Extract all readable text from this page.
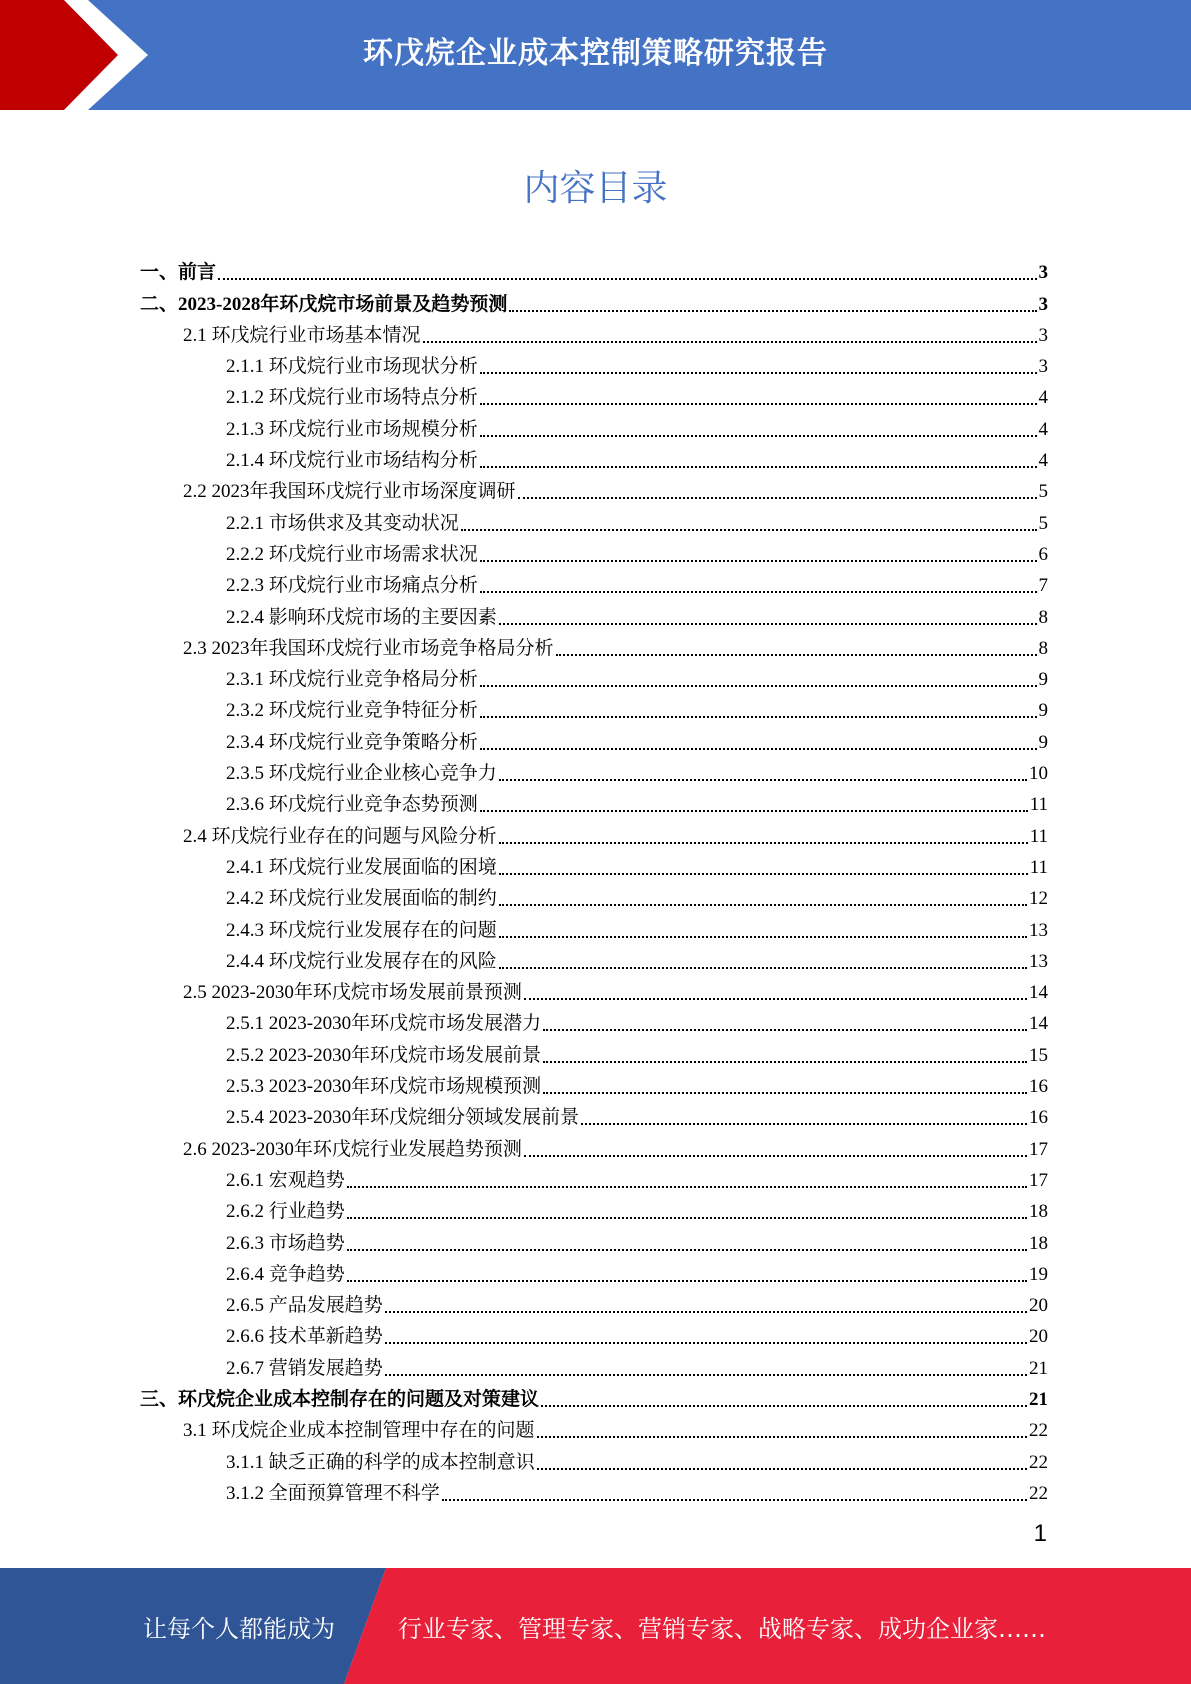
环戊烷企业成本控制策略研究报告
内容目录
一、前言	3
二、2023-2028年环戊烷市场前景及趋势预测	3
2.1 环戊烷行业市场基本情况	3
2.1.1 环戊烷行业市场现状分析	3
2.1.2 环戊烷行业市场特点分析	4
2.1.3 环戊烷行业市场规模分析	4
2.1.4 环戊烷行业市场结构分析	4
2.2 2023年我国环戊烷行业市场深度调研	5
2.2.1 市场供求及其变动状况	5
2.2.2 环戊烷行业市场需求状况	6
2.2.3 环戊烷行业市场痛点分析	7
2.2.4 影响环戊烷市场的主要因素	8
2.3 2023年我国环戊烷行业市场竞争格局分析	8
2.3.1 环戊烷行业竞争格局分析	9
2.3.2 环戊烷行业竞争特征分析	9
2.3.4 环戊烷行业竞争策略分析	9
2.3.5 环戊烷行业企业核心竞争力	10
2.3.6 环戊烷行业竞争态势预测	11
2.4 环戊烷行业存在的问题与风险分析	11
2.4.1 环戊烷行业发展面临的困境	11
2.4.2 环戊烷行业发展面临的制约	12
2.4.3 环戊烷行业发展存在的问题	13
2.4.4 环戊烷行业发展存在的风险	13
2.5 2023-2030年环戊烷市场发展前景预测	14
2.5.1 2023-2030年环戊烷市场发展潜力	14
2.5.2 2023-2030年环戊烷市场发展前景	15
2.5.3 2023-2030年环戊烷市场规模预测	16
2.5.4 2023-2030年环戊烷细分领域发展前景	16
2.6 2023-2030年环戊烷行业发展趋势预测	17
2.6.1 宏观趋势	17
2.6.2 行业趋势	18
2.6.3 市场趋势	18
2.6.4 竞争趋势	19
2.6.5 产品发展趋势	20
2.6.6 技术革新趋势	20
2.6.7 营销发展趋势	21
三、环戊烷企业成本控制存在的问题及对策建议	21
3.1 环戊烷企业成本控制管理中存在的问题	22
3.1.1 缺乏正确的科学的成本控制意识	22
3.1.2 全面预算管理不科学	22
1
让每个人都能成为	行业专家、管理专家、营销专家、战略专家、成功企业家……
